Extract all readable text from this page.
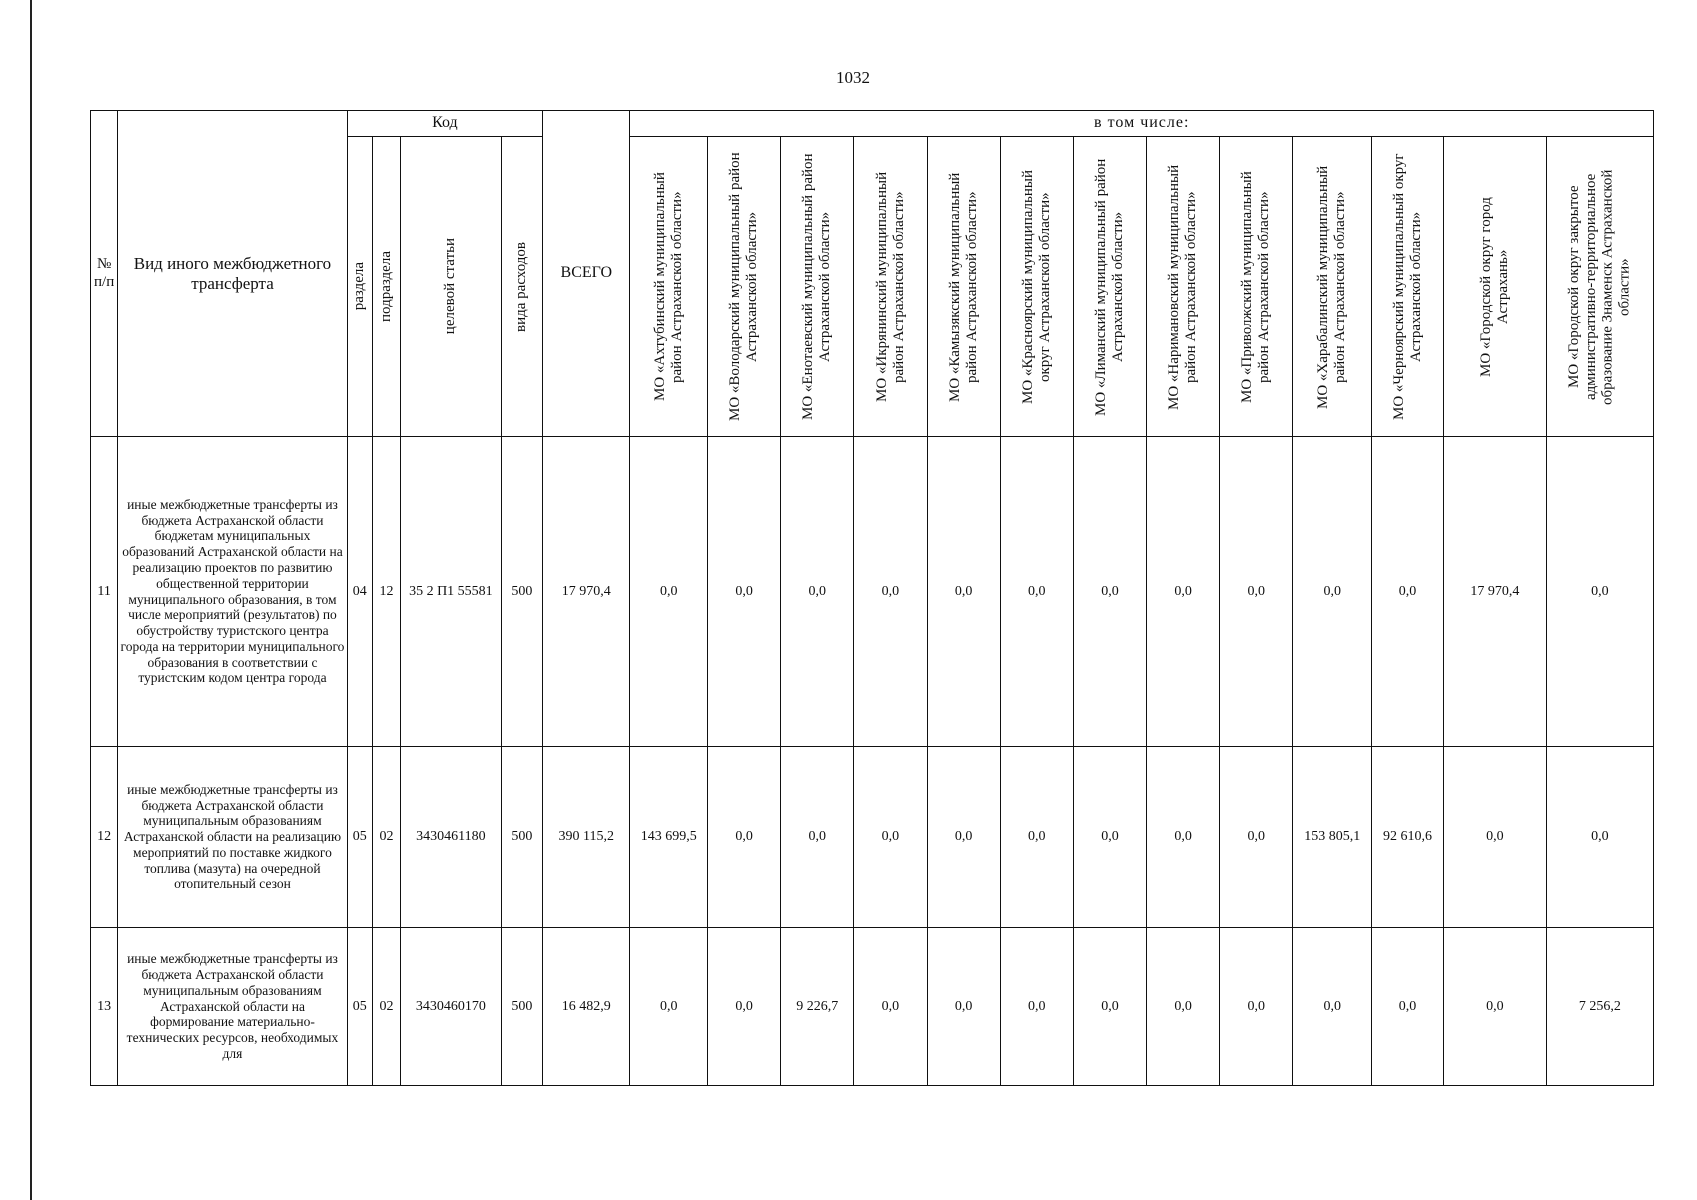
1032
№ п/п	Вид иного межбюджетного трансферта	Код				ВСЕГО	в том числе:												

		раздела	подраздела	целевой статьи	вида расходов		МО «Ахтубинский муниципальный район Астраханской области»	МО «Володарский муниципальный район Астраханской области»	МО «Енотаевский муниципальный район Астраханской области»	МО «Икрянинский муниципальный район Астраханской области»	МО «Камызякский муниципальный район Астраханской области»	МО «Красноярский муниципальный округ Астраханской области»	МО «Лиманский муниципальный район Астраханской области»	МО «Наримановский муниципальный район Астраханской области»	МО «Приволжский муниципальный район Астраханской области»	МО «Харабалинский муниципальный район Астраханской области»	МО «Черноярский муниципальный округ Астраханской области»	МО «Городской округ город Астрахань»	МО «Городской округ закрытое административно-территориальное образование Знаменск Астраханской области»

11	иные межбюджетные трансферты из бюджета Астраханской области бюджетам муниципальных образований Астраханской области на реализацию проектов по развитию общественной территории муниципального образования, в том числе мероприятий (результатов) по обустройству туристского центра города на территории муниципального образования в соответствии с туристским кодом центра города	04	12	35 2 П1 55581	500	17 970,4	0,0	0,0	0,0	0,0	0,0	0,0	0,0	0,0	0,0	0,0	0,0	17 970,4	0,0
12	иные межбюджетные трансферты из бюджета Астраханской области муниципальным образованиям Астраханской области на реализацию мероприятий по поставке жидкого топлива (мазута) на очередной отопительный сезон	05	02	3430461180	500	390 115,2	143 699,5	0,0	0,0	0,0	0,0	0,0	0,0	0,0	0,0	153 805,1	92 610,6	0,0	0,0
13	иные межбюджетные трансферты из бюджета Астраханской области муниципальным образованиям Астраханской области на формирование материально-технических ресурсов, необходимых для	05	02	3430460170	500	16 482,9	0,0	0,0	9 226,7	0,0	0,0	0,0	0,0	0,0	0,0	0,0	0,0	0,0	7 256,2
